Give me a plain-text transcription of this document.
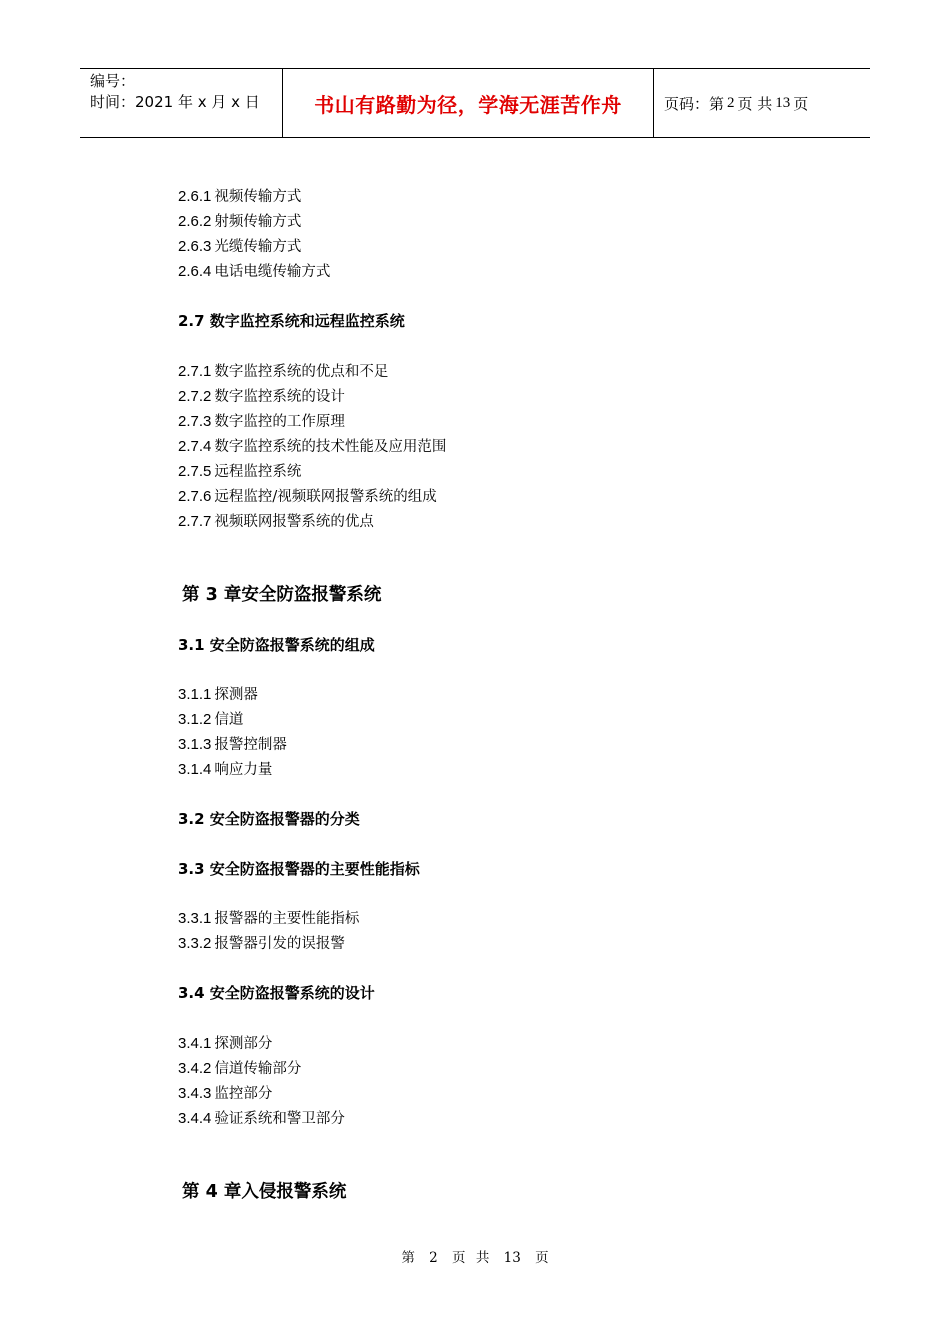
编号：
时间：2021 年 x 月 x 日	书山有路勤为径，学海无涯苦作舟	页码：第 2 页 共 13 页
2.6.1 视频传输方式
2.6.2 射频传输方式
2.6.3 光缆传输方式
2.6.4 电话电缆传输方式
2.7 数字监控系统和远程监控系统
2.7.1 数字监控系统的优点和不足
2.7.2 数字监控系统的设计
2.7.3 数字监控的工作原理
2.7.4 数字监控系统的技术性能及应用范围
2.7.5 远程监控系统
2.7.6 远程监控/视频联网报警系统的组成
2.7.7 视频联网报警系统的优点
第 3 章安全防盗报警系统
3.1 安全防盗报警系统的组成
3.1.1 探测器
3.1.2 信道
3.1.3 报警控制器
3.1.4 响应力量
3.2 安全防盗报警器的分类
3.3 安全防盗报警器的主要性能指标
3.3.1 报警器的主要性能指标
3.3.2 报警器引发的误报警
3.4 安全防盗报警系统的设计
3.4.1 探测部分
3.4.2 信道传输部分
3.4.3 监控部分
3.4.4 验证系统和警卫部分
第 4 章入侵报警系统
第 2 页 共 13 页
